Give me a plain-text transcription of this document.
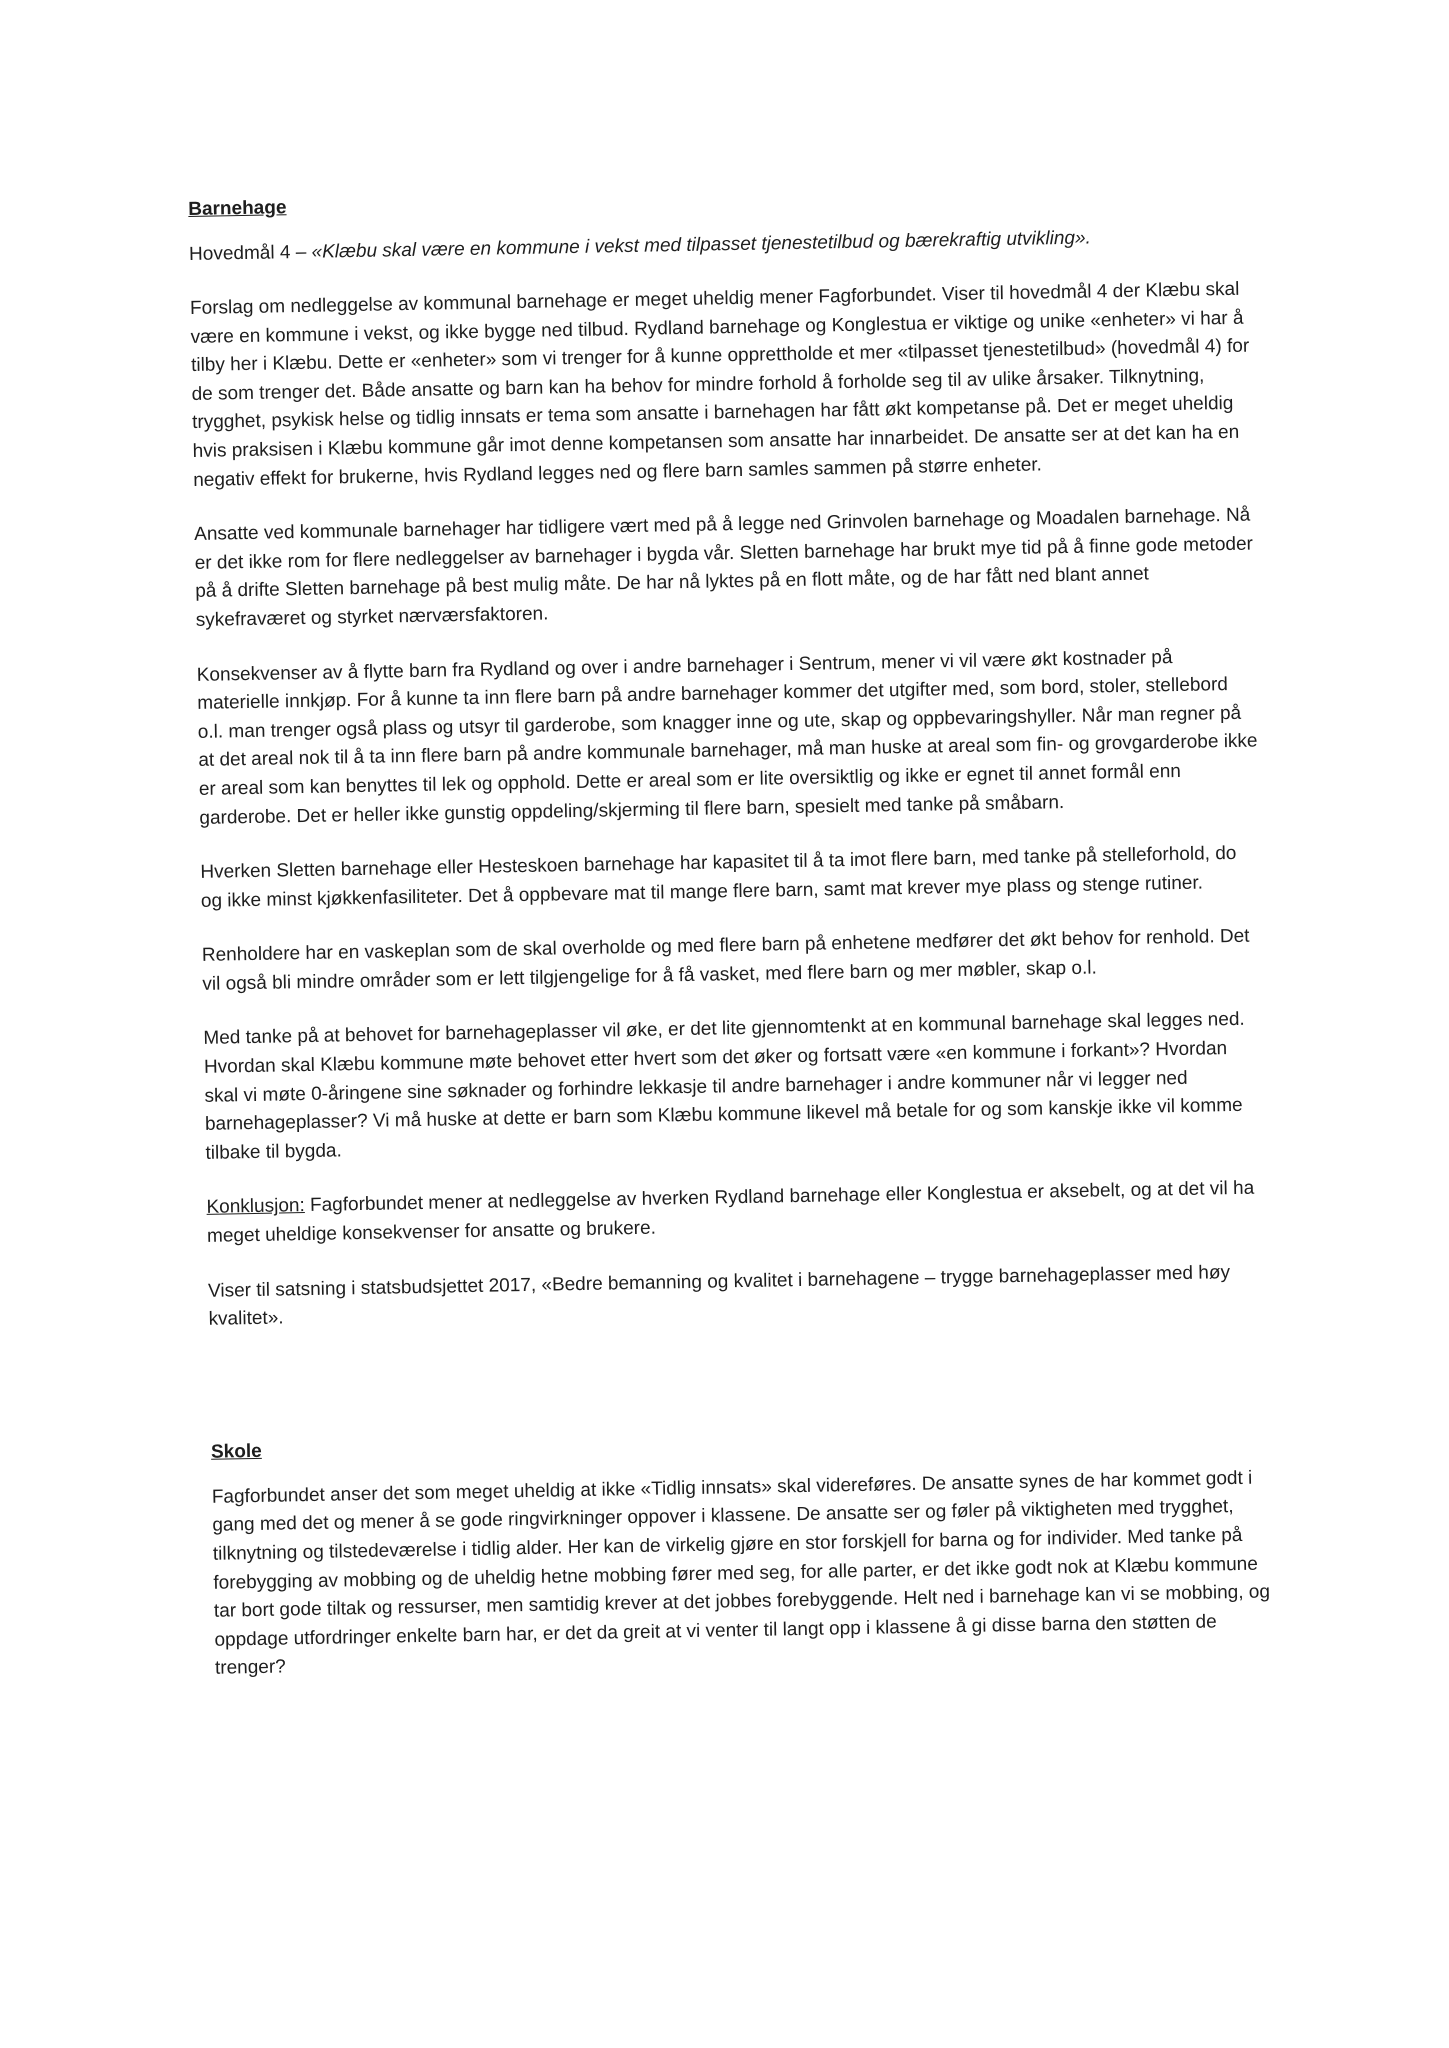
Barnehage
Hovedmål 4 – «Klæbu skal være en kommune i vekst med tilpasset tjenestetilbud og bærekraftig utvikling».

Forslag om nedleggelse av kommunal barnehage er meget uheldig mener Fagforbundet. Viser til hovedmål 4 der Klæbu skal være en kommune i vekst, og ikke bygge ned tilbud. Rydland barnehage og Konglestua er viktige og unike «enheter» vi har å tilby her i Klæbu. Dette er «enheter» som vi trenger for å kunne opprettholde et mer «tilpasset tjenestetilbud» (hovedmål 4) for de som trenger det. Både ansatte og barn kan ha behov for mindre forhold å forholde seg til av ulike årsaker. Tilknytning, trygghet, psykisk helse og tidlig innsats er tema som ansatte i barnehagen har fått økt kompetanse på. Det er meget uheldig hvis praksisen i Klæbu kommune går imot denne kompetansen som ansatte har innarbeidet. De ansatte ser at det kan ha en negativ effekt for brukerne, hvis Rydland legges ned og flere barn samles sammen på større enheter.

Ansatte ved kommunale barnehager har tidligere vært med på å legge ned Grinvolen barnehage og Moadalen barnehage. Nå er det ikke rom for flere nedleggelser av barnehager i bygda vår. Sletten barnehage har brukt mye tid på å finne gode metoder på å drifte Sletten barnehage på best mulig måte. De har nå lyktes på en flott måte, og de har fått ned blant annet sykefraværet og styrket nærværsfaktoren.

Konsekvenser av å flytte barn fra Rydland og over i andre barnehager i Sentrum, mener vi vil være økt kostnader på materielle innkjøp. For å kunne ta inn flere barn på andre barnehager kommer det utgifter med, som bord, stoler, stellebord o.l. man trenger også plass og utsyr til garderobe, som knagger inne og ute, skap og oppbevaringshyller. Når man regner på at det areal nok til å ta inn flere barn på andre kommunale barnehager, må man huske at areal som fin- og grovgarderobe ikke er areal som kan benyttes til lek og opphold. Dette er areal som er lite oversiktlig og ikke er egnet til annet formål enn garderobe. Det er heller ikke gunstig oppdeling/skjerming til flere barn, spesielt med tanke på småbarn.

Hverken Sletten barnehage eller Hesteskoen barnehage har kapasitet til å ta imot flere barn, med tanke på stelleforhold, do og ikke minst kjøkkenfasiliteter. Det å oppbevare mat til mange flere barn, samt mat krever mye plass og stenge rutiner.

Renholdere har en vaskeplan som de skal overholde og med flere barn på enhetene medfører det økt behov for renhold. Det vil også bli mindre områder som er lett tilgjengelige for å få vasket, med flere barn og mer møbler, skap o.l.

Med tanke på at behovet for barnehageplasser vil øke, er det lite gjennomtenkt at en kommunal barnehage skal legges ned. Hvordan skal Klæbu kommune møte behovet etter hvert som det øker og fortsatt være «en kommune i forkant»? Hvordan skal vi møte 0-åringene sine søknader og forhindre lekkasje til andre barnehager i andre kommuner når vi legger ned barnehageplasser? Vi må huske at dette er barn som Klæbu kommune likevel må betale for og som kanskje ikke vil komme tilbake til bygda.

Konklusjon: Fagforbundet mener at nedleggelse av hverken Rydland barnehage eller Konglestua er aksebelt, og at det vil ha meget uheldige konsekvenser for ansatte og brukere.

Viser til satsning i statsbudsjettet 2017, «Bedre bemanning og kvalitet i barnehagene – trygge barnehageplasser med høy kvalitet».

Skole

Fagforbundet anser det som meget uheldig at ikke «Tidlig innsats» skal videreføres. De ansatte synes de har kommet godt i gang med det og mener å se gode ringvirkninger oppover i klassene. De ansatte ser og føler på viktigheten med trygghet, tilknytning og tilstedeværelse i tidlig alder. Her kan de virkelig gjøre en stor forskjell for barna og for individer. Med tanke på forebygging av mobbing og de uheldig hetne mobbing fører med seg, for alle parter, er det ikke godt nok at Klæbu kommune tar bort gode tiltak og ressurser, men samtidig krever at det jobbes forebyggende. Helt ned i barnehage kan vi se mobbing, og oppdage utfordringer enkelte barn har, er det da greit at vi venter til langt opp i klassene å gi disse barna den støtten de trenger?
